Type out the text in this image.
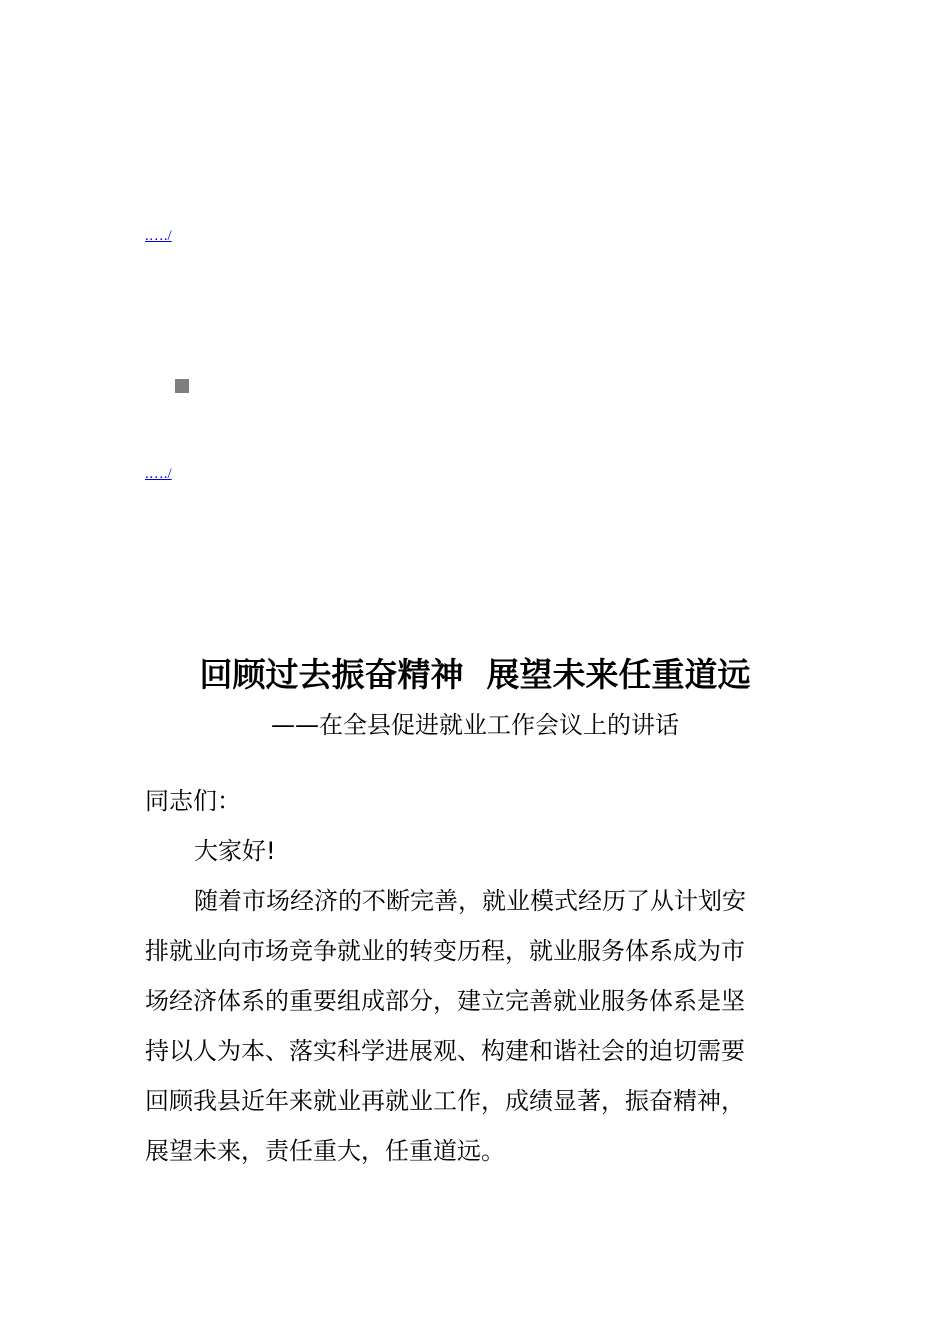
.…./
.…./
回顾过去振奋精神  展望未来任重道远
——在全县促进就业工作会议上的讲话
同志们：
大家好!
随着市场经济的不断完善，就业模式经历了从计划安
排就业向市场竞争就业的转变历程，就业服务体系成为市
场经济体系的重要组成部分，建立完善就业服务体系是坚
持以人为本、落实科学进展观、构建和谐社会的迫切需要
回顾我县近年来就业再就业工作，成绩显著，振奋精神，
展望未来，责任重大，任重道远。
